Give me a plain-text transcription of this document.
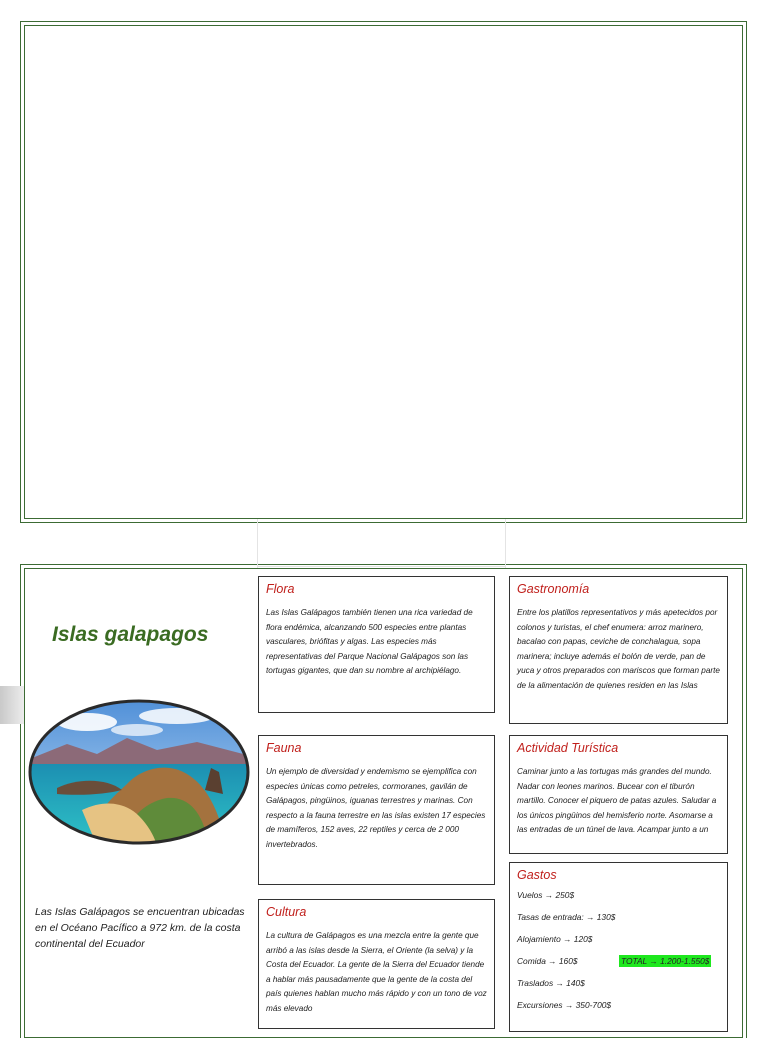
Islas galapagos
Las Islas Galápagos se encuentran ubicadas en el Océano Pacífico a 972 km. de la costa continental del Ecuador

Flora

Las Islas Galápagos también tienen una rica variedad de flora endémica, alcanzando 500 especies entre plantas vasculares, briófitas y algas. Las especies más representativas del Parque Nacional Galápagos son las tortugas gigantes, que dan su nombre al archipiélago.

Fauna

Un ejemplo de diversidad y endemismo se ejemplifica con especies únicas como petreles, cormoranes, gavilán de Galápagos, pingüinos, iguanas terrestres y marinas. Con respecto a la fauna terrestre en las islas existen 17 especies de mamíferos, 152 aves, 22 reptiles y cerca de 2 000 invertebrados.

Cultura

La cultura de Galápagos es una mezcla entre la gente que arribó a las islas desde la Sierra, el Oriente (la selva) y la Costa del Ecuador. La gente de la Sierra del Ecuador tiende a hablar más pausadamente que la gente de la costa del país quienes hablan mucho más rápido y con un tono de voz más elevado

Gastronomía

Entre los platillos representativos y más apetecidos por colonos y turistas, el chef enumera: arroz marinero, bacalao con papas, ceviche de conchalagua, sopa marinera; incluye además el bolón de verde, pan de yuca y otros preparados con mariscos que forman parte de la alimentación de quienes residen en las Islas

Actividad Turística

Caminar junto a las tortugas más grandes del mundo. Nadar con leones marinos. Bucear con el tiburón martillo. Conocer el piquero de patas azules. Saludar a los únicos pingüinos del hemisferio norte. Asomarse a las entradas de un túnel de lava. Acampar junto a un

Gastos

Vuelos → 250$
Tasas de entrada: → 130$
Alojamiento → 120$
Comida → 160$	TOTAL → 1.200-1.550$
Traslados → 140$
Excursiones → 350-700$
